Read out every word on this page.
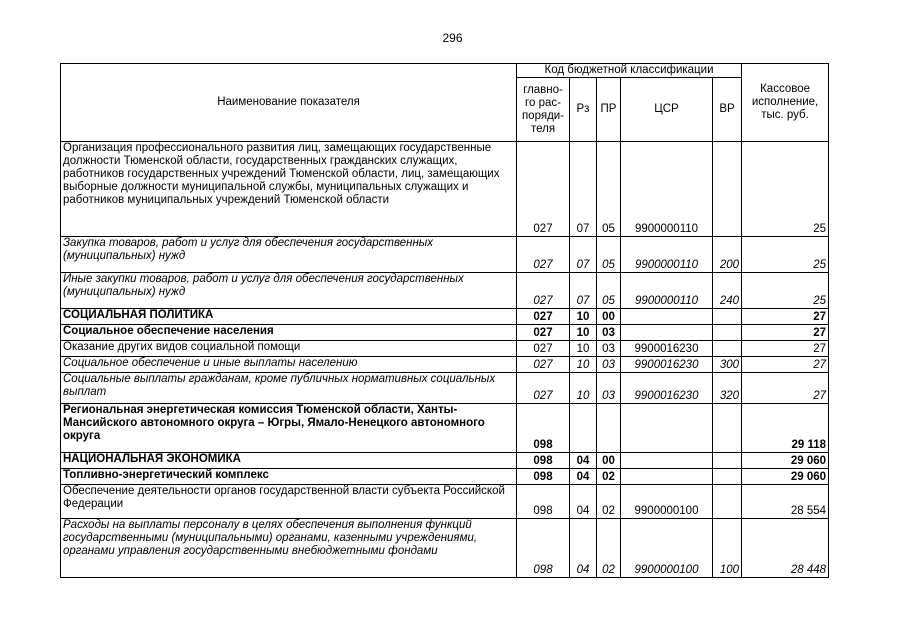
296
Наименование показателя	Код бюджетной классификации					Кассовое исполнение, тыс. руб.
	главно-го рас-поряди-теля	Рз	ПР	ЦСР	ВР	
Организация профессионального развития лиц, замещающих государственные должности Тюменской области, государственных гражданских служащих, работников государственных учреждений Тюменской области, лиц, замещающих выборные должности муниципальной службы, муниципальных служащих и работников муниципальных учреждений Тюменской области	027	07	05	9900000110		25
Закупка товаров, работ и услуг для обеспечения государственных (муниципальных) нужд	027	07	05	9900000110	200	25
Иные закупки товаров, работ и услуг для обеспечения государственных (муниципальных) нужд	027	07	05	9900000110	240	25
СОЦИАЛЬНАЯ ПОЛИТИКА	027	10	00			27
Социальное обеспечение населения	027	10	03			27
Оказание других видов социальной помощи	027	10	03	9900016230		27
Социальное обеспечение и иные выплаты населению	027	10	03	9900016230	300	27
Социальные выплаты гражданам, кроме публичных нормативных социальных выплат	027	10	03	9900016230	320	27
Региональная энергетическая комиссия Тюменской области, Ханты-Мансийского автономного округа – Югры, Ямало-Ненецкого автономного округа	098					29 118
НАЦИОНАЛЬНАЯ ЭКОНОМИКА	098	04	00			29 060
Топливно-энергетический комплекс	098	04	02			29 060
Обеспечение деятельности органов государственной власти субъекта Российской Федерации	098	04	02	9900000100		28 554
Расходы на выплаты персоналу в целях обеспечения выполнения функций государственными (муниципальными) органами, казенными учреждениями, органами управления государственными внебюджетными фондами	098	04	02	9900000100	100	28 448
